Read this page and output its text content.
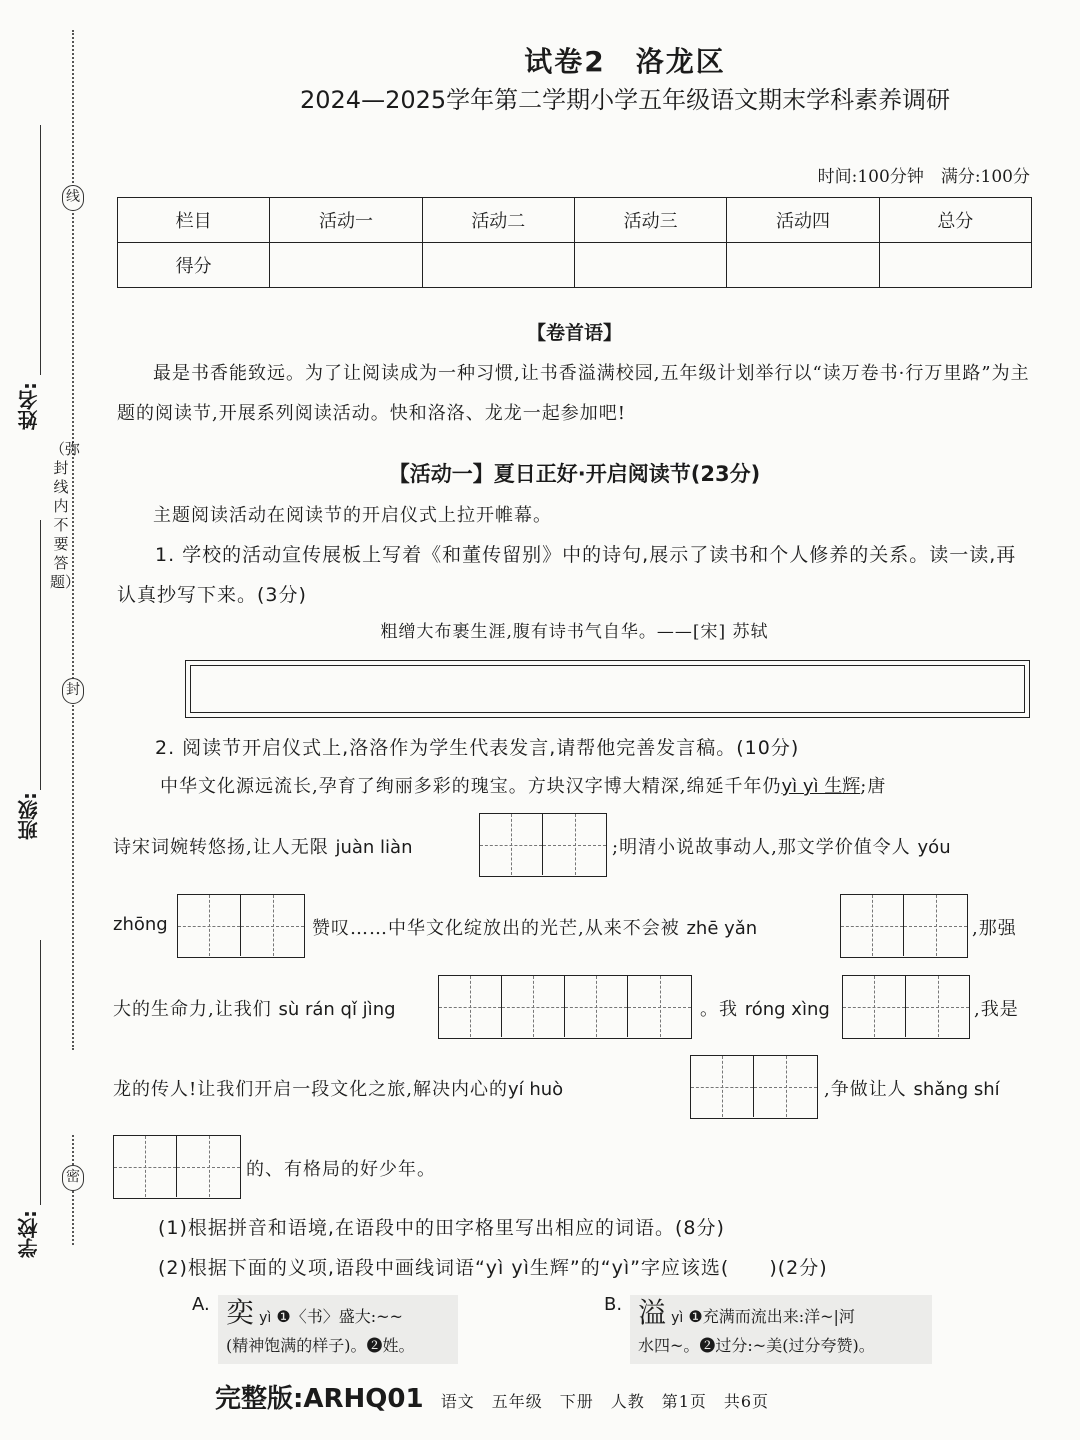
线
封
密
（弥封线内不要答题）
姓名:
班级:
学校:
试卷2　洛龙区
2024—2025学年第二学期小学五年级语文期末学科素养调研
时间:100分钟　满分:100分
栏目	活动一	活动二	活动三	活动四	总分
得分					
【卷首语】
最是书香能致远。为了让阅读成为一种习惯,让书香溢满校园,五年级计划举行以“读万卷书·行万里路”为主题的阅读节,开展系列阅读活动。快和洛洛、龙龙一起参加吧!
【活动一】夏日正好·开启阅读节(23分)
主题阅读活动在阅读节的开启仪式上拉开帷幕。
1. 学校的活动宣传展板上写着《和董传留别》中的诗句,展示了读书和个人修养的关系。读一读,再认真抄写下来。(3分)
粗缯大布裹生涯,腹有诗书气自华。——[宋] 苏轼
2. 阅读节开启仪式上,洛洛作为学生代表发言,请帮他完善发言稿。(10分)
中华文化源远流长,孕育了绚丽多彩的瑰宝。方块汉字博大精深,绵延千年仍yì yì 生辉;唐
诗宋词婉转悠扬,让人无限 juàn liàn	;明清小说故事动人,那文学价值令人 yóu
zhōng	赞叹……中华文化绽放出的光芒,从来不会被 zhē yǎn	,那强
大的生命力,让我们 sù rán qǐ jìng	。我 róng xìng	,我是
龙的传人!让我们开启一段文化之旅,解决内心的yí huò	,争做让人 shǎng shí
的、有格局的好少年。
(1)根据拼音和语境,在语段中的田字格里写出相应的词语。(8分)
(2)根据下面的义项,语段中画线词语“yì yì生辉”的“yì”字应该选(　　)(2分)
A. 奕 yì ❶〈书〉盛大:~~
(精神饱满的样子)。❷姓。
B. 溢 yì ❶充满而流出来:洋~|河
水四~。❷过分:~美(过分夸赞)。
完整版:ARHQ01 语文　五年级　下册　人教　第1页　共6页
